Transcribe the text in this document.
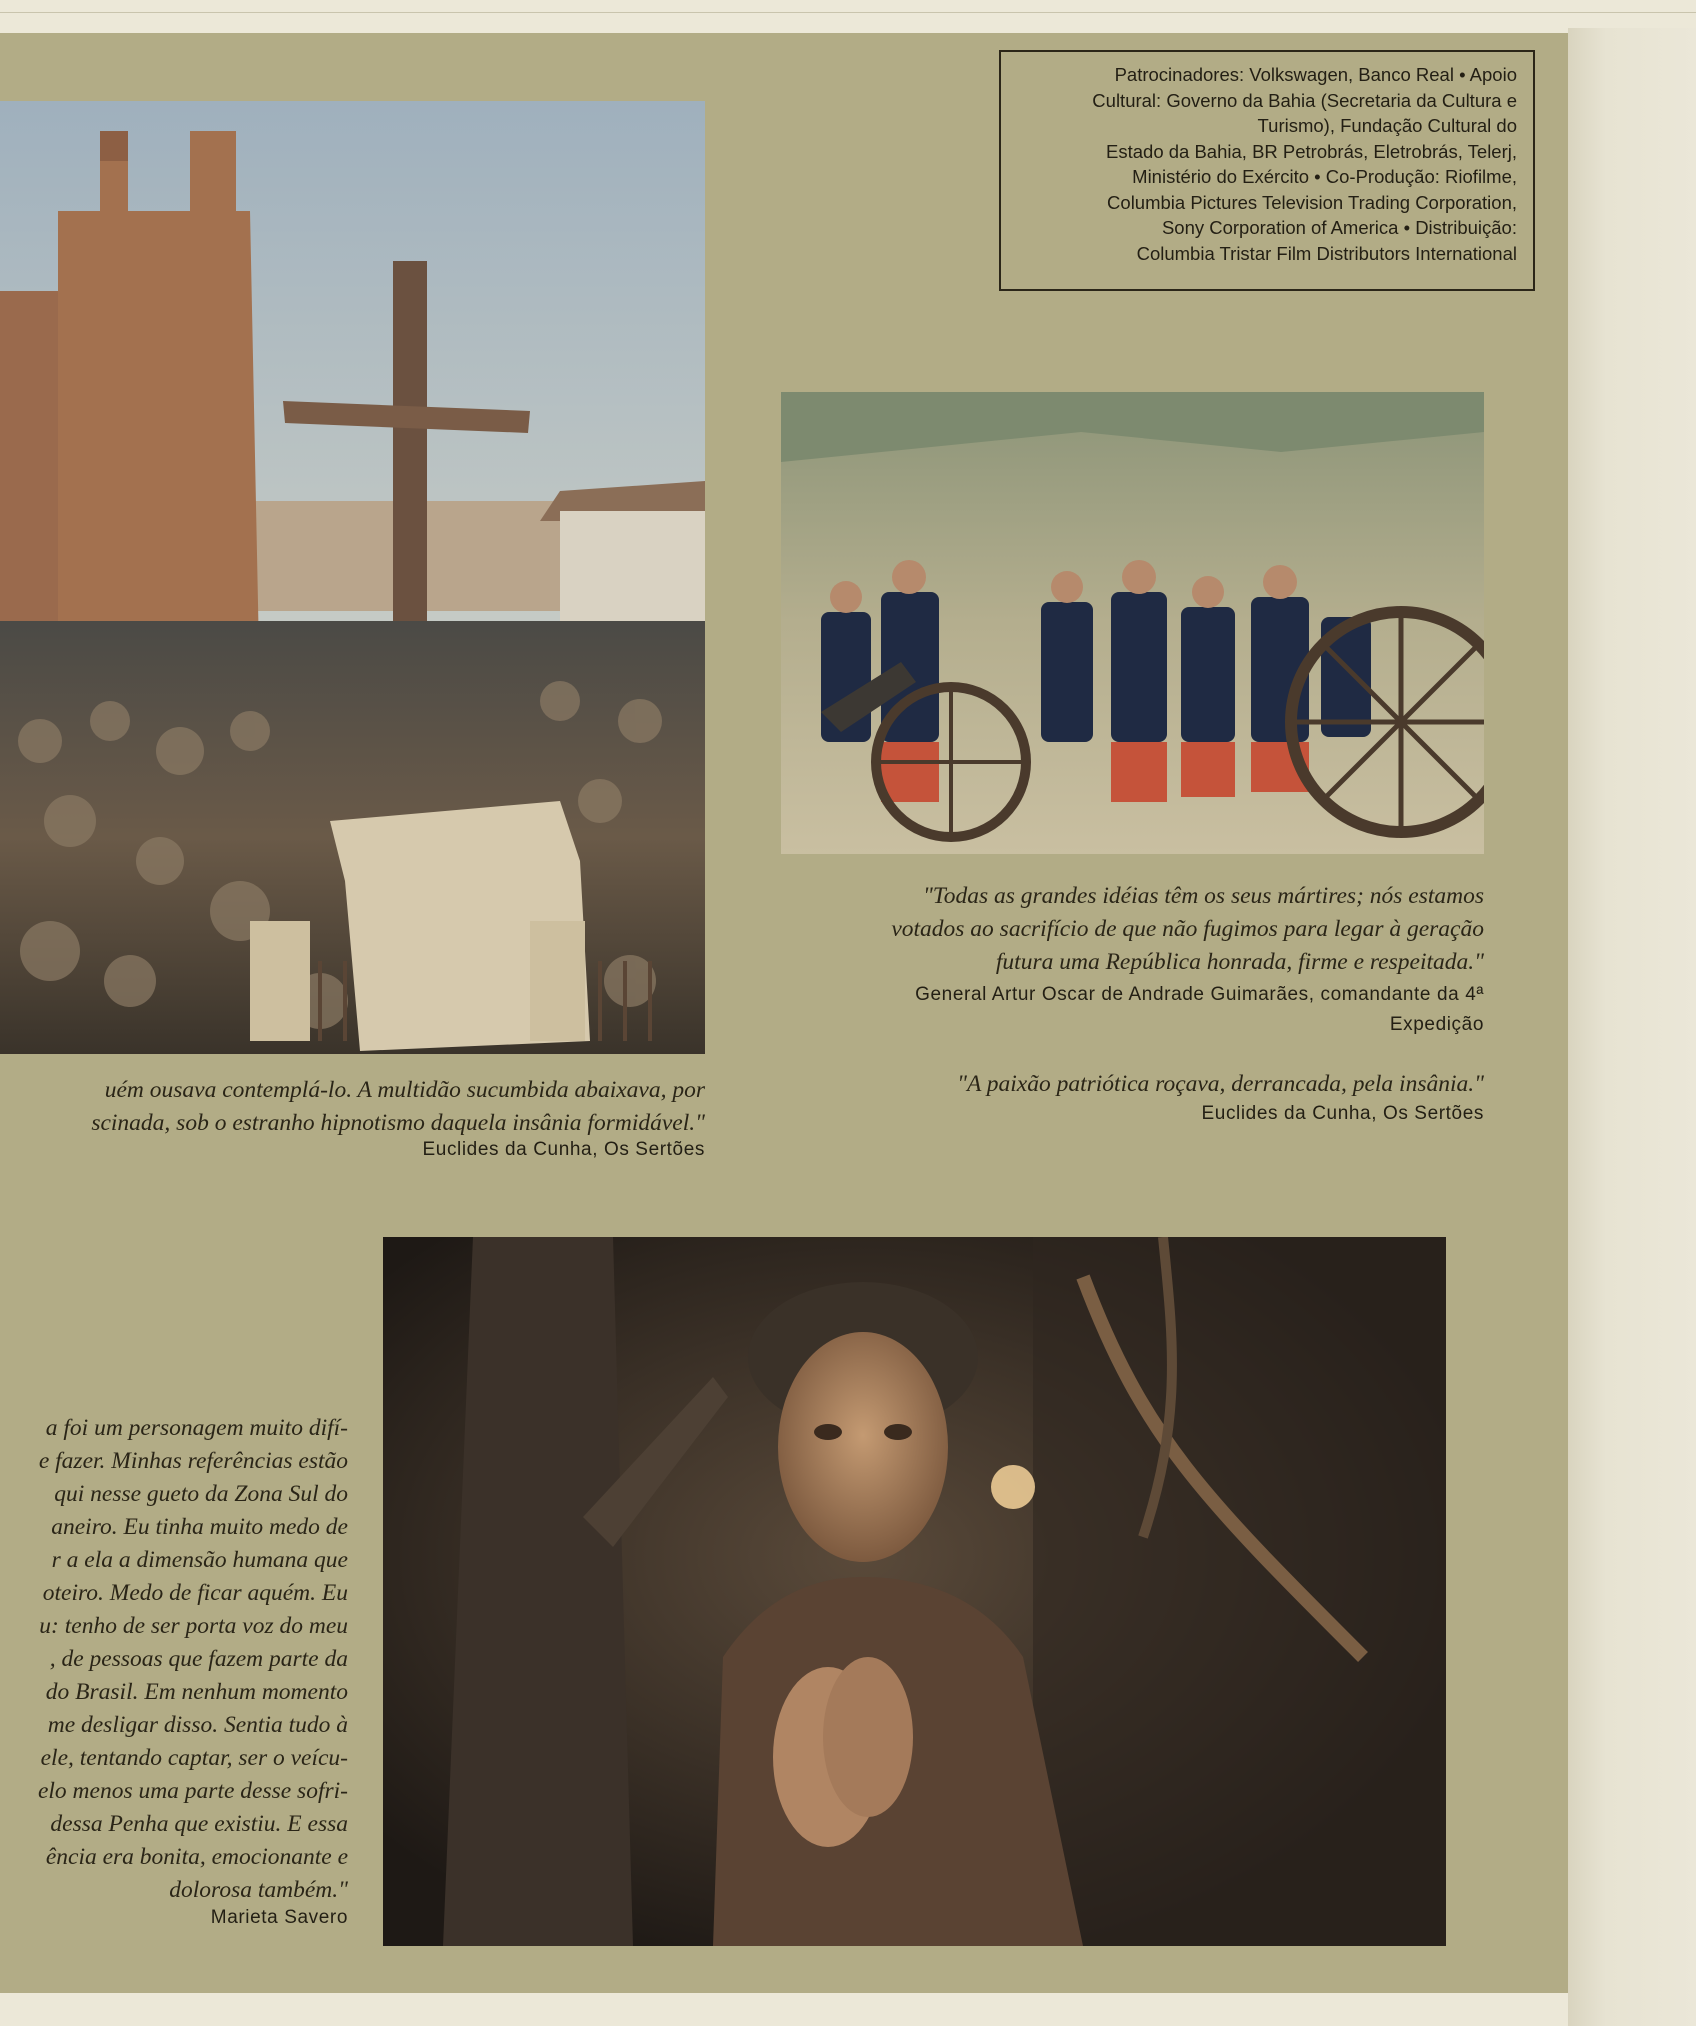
Patrocinadores: Volkswagen, Banco Real • Apoio
Cultural: Governo da Bahia (Secretaria da Cultura e
Turismo), Fundação Cultural do
Estado da Bahia, BR Petrobrás, Eletrobrás, Telerj,
Ministério do Exército • Co-Produção: Riofilme,
Columbia Pictures Television Trading Corporation,
Sony Corporation of America • Distribuição:
Columbia Tristar Film Distributors International
uém ousava contemplá-lo. A multidão sucumbida abaixava, por
scinada, sob o estranho hipnotismo daquela insânia formidável."
Euclides da Cunha, Os Sertões
"Todas as grandes idéias têm os seus mártires; nós estamos
votados ao sacrifício de que não fugimos para legar à geração
futura uma República honrada, firme e respeitada."
General Artur Oscar de Andrade Guimarães, comandante da 4ª
Expedição
"A paixão patriótica roçava, derrancada, pela insânia."
Euclides da Cunha, Os Sertões
a foi um personagem muito difí-
e fazer. Minhas referências estão
qui nesse gueto da Zona Sul do
aneiro. Eu tinha muito medo de
r a ela a dimensão humana que
oteiro. Medo de ficar aquém. Eu
u: tenho de ser porta voz do meu
, de pessoas que fazem parte da
do Brasil. Em nenhum momento
me desligar disso. Sentia tudo à
ele, tentando captar, ser o veícu-
elo menos uma parte desse sofri-
dessa Penha que existiu. E essa
ência era bonita, emocionante e
dolorosa também."
Marieta Savero
